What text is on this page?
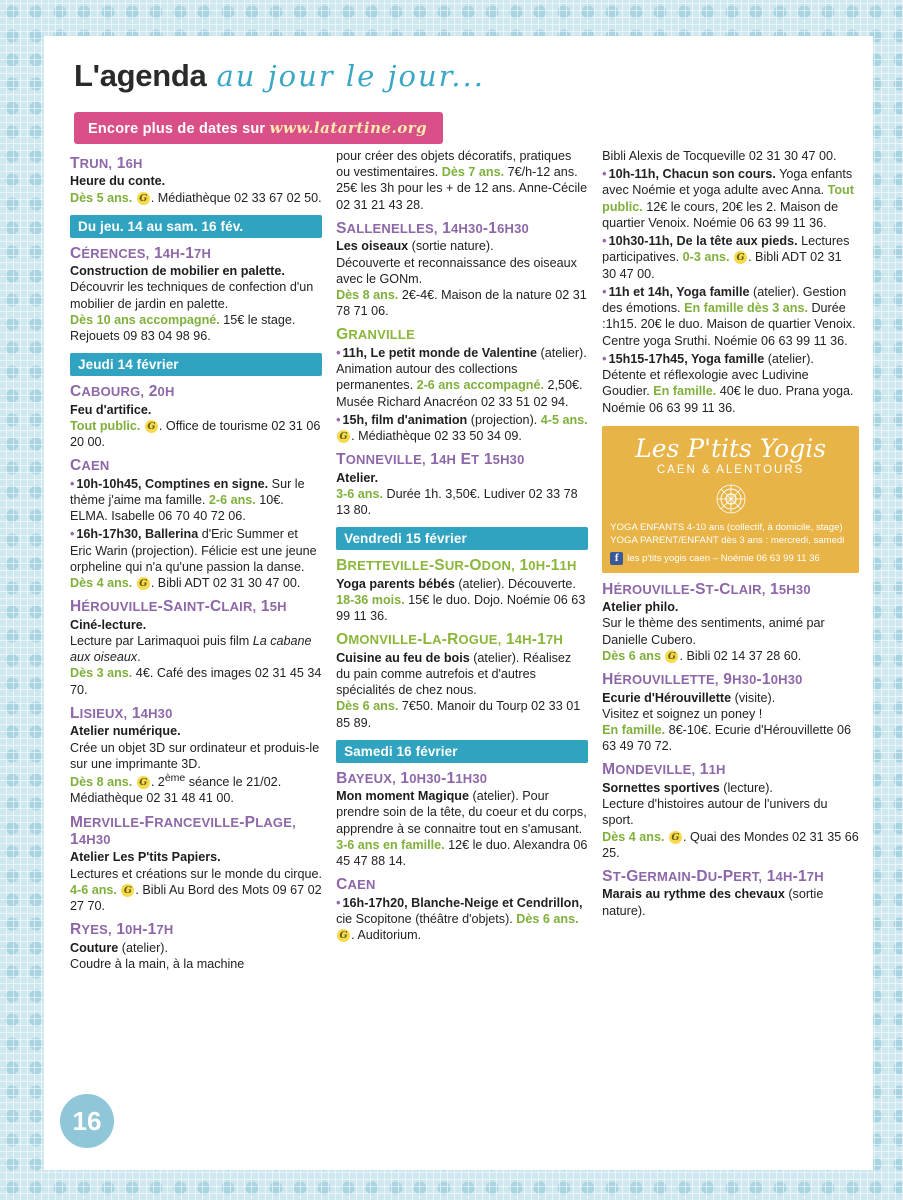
L'agenda au jour le jour...
Encore plus de dates sur www.latartine.org
TRUN, 16H
Heure du conte.
Dès 5 ans. G . Médiathèque 02 33 67 02 50.
Du jeu. 14 au sam. 16 fév.
CÉRENCES, 14H-17H
Construction de mobilier en palette.
Découvrir les techniques de confection d'un mobilier de jardin en palette.
Dès 10 ans accompagné. 15€ le stage. Rejouets 09 83 04 98 96.
Jeudi 14 février
CABOURG, 20H
Feu d'artifice.
Tout public. G . Office de tourisme 02 31 06 20 00.
CAEN
• 10h-10h45, Comptines en signe. Sur le thème j'aime ma famille. 2-6 ans. 10€. ELMA. Isabelle 06 70 40 72 06.
• 16h-17h30, Ballerina d'Eric Summer et Eric Warin (projection). Félicie est une jeune orpheline qui n'a qu'une passion la danse. Dès 4 ans. G . Bibli ADT 02 31 30 47 00.
HÉROUVILLE-SAINT-CLAIR, 15H
Ciné-lecture.
Lecture par Larimaquoi puis film La cabane aux oiseaux.
Dès 3 ans. 4€. Café des images 02 31 45 34 70.
LISIEUX, 14H30
Atelier numérique.
Crée un objet 3D sur ordinateur et produis-le sur une imprimante 3D.
Dès 8 ans. G . 2ème séance le 21/02. Médiathèque 02 31 48 41 00.
MERVILLE-FRANCEVILLE-PLAGE, 14H30
Atelier Les P'tits Papiers.
Lectures et créations sur le monde du cirque.
4-6 ans. G . Bibli Au Bord des Mots 09 67 02 27 70.
RYES, 10H-17H
Couture (atelier).
Coudre à la main, à la machine
pour créer des objets décoratifs, pratiques ou vestimentaires. Dès 7 ans. 7€/h-12 ans. 25€ les 3h pour les + de 12 ans. Anne-Cécile 02 31 21 43 28.
SALLENELLES, 14H30-16H30
Les oiseaux (sortie nature).
Découverte et reconnaissance des oiseaux avec le GONm.
Dès 8 ans. 2€-4€. Maison de la nature 02 31 78 71 06.
GRANVILLE
• 11h, Le petit monde de Valentine (atelier). Animation autour des collections permanentes. 2-6 ans accompagné. 2,50€. Musée Richard Anacréon 02 33 51 02 94.
• 15h, film d'animation (projection). 4-5 ans. G . Médiathèque 02 33 50 34 09.
TONNEVILLE, 14H ET 15H30
Atelier.
3-6 ans. Durée 1h. 3,50€. Ludiver 02 33 78 13 80.
Vendredi 15 février
BRETTEVILLE-SUR-ODON, 10H-11H
Yoga parents bébés (atelier). Découverte.
18-36 mois. 15€ le duo. Dojo. Noémie 06 63 99 11 36.
OMONVILLE-LA-ROGUE, 14H-17H
Cuisine au feu de bois (atelier). Réalisez du pain comme autrefois et d'autres spécialités de chez nous.
Dès 6 ans. 7€50. Manoir du Tourp 02 33 01 85 89.
Samedi 16 février
BAYEUX, 10H30-11H30
Mon moment Magique (atelier). Pour prendre soin de la tête, du coeur et du corps, apprendre à se connaitre tout en s'amusant.
3-6 ans en famille. 12€ le duo. Alexandra 06 45 47 88 14.
CAEN
• 16h-17h20, Blanche-Neige et Cendrillon, cie Scopitone (théâtre d'objets). Dès 6 ans. G . Auditorium.
Bibli Alexis de Tocqueville 02 31 30 47 00.
• 10h-11h, Chacun son cours. Yoga enfants avec Noémie et yoga adulte avec Anna. Tout public. 12€ le cours, 20€ les 2. Maison de quartier Venoix. Noémie 06 63 99 11 36.
• 10h30-11h, De la tête aux pieds. Lectures participatives. 0-3 ans. G . Bibli ADT 02 31 30 47 00.
• 11h et 14h, Yoga famille (atelier). Gestion des émotions. En famille dès 3 ans. Durée :1h15. 20€ le duo. Maison de quartier Venoix. Centre yoga Sruthi. Noémie 06 63 99 11 36.
• 15h15-17h45, Yoga famille (atelier). Détente et réflexologie avec Ludivine Goudier. En famille. 40€ le duo. Prana yoga. Noémie 06 63 99 11 36.
Les P'tits Yogis
CAEN & ALENTOURS
YOGA ENFANTS 4-10 ans (collectif, à domicile, stage)
YOGA PARENT/ENFANT dès 3 ans : mercredi, samedi
f les p'tits yogis caen – Noémie 06 63 99 11 36
HÉROUVILLE-ST-CLAIR, 15H30
Atelier philo.
Sur le thème des sentiments, animé par Danielle Cubero.
Dès 6 ans G . Bibli 02 14 37 28 60.
HÉROUVILLETTE, 9H30-10H30
Ecurie d'Hérouvillette (visite).
Visitez et soignez un poney !
En famille. 8€-10€. Ecurie d'Hérouvillette 06 63 49 70 72.
MONDEVILLE, 11H
Sornettes sportives (lecture).
Lecture d'histoires autour de l'univers du sport.
Dès 4 ans. G . Quai des Mondes 02 31 35 66 25.
ST-GERMAIN-DU-PERT, 14H-17H
Marais au rythme des chevaux (sortie nature).
16
